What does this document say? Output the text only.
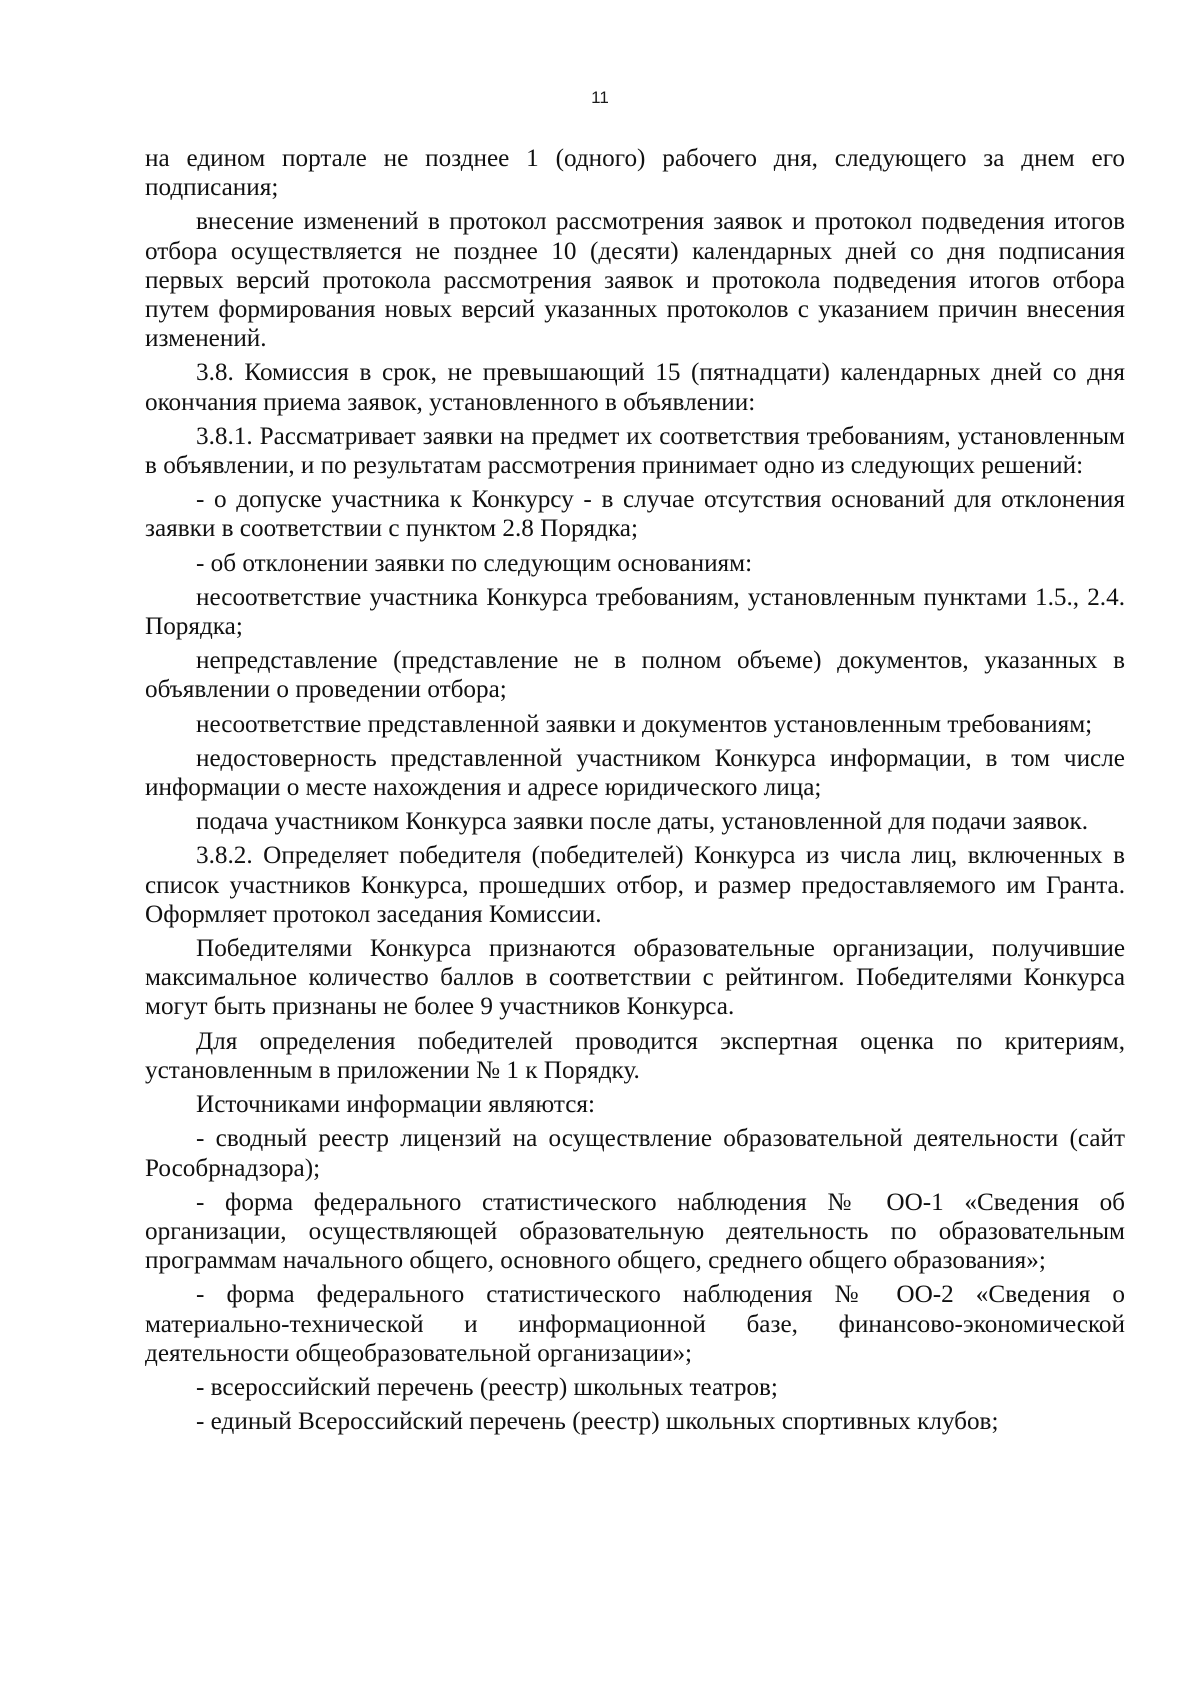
11

на едином портале не позднее 1 (одного) рабочего дня, следующего за днем его подписания;

внесение изменений в протокол рассмотрения заявок и протокол подведения итогов отбора осуществляется не позднее 10 (десяти) календарных дней со дня подписания первых версий протокола рассмотрения заявок и протокола подведения итогов отбора путем формирования новых версий указанных протоколов с указанием причин внесения изменений.

3.8. Комиссия в срок, не превышающий 15 (пятнадцати) календарных дней со дня окончания приема заявок, установленного в объявлении:

3.8.1. Рассматривает заявки на предмет их соответствия требованиям, установленным в объявлении, и по результатам рассмотрения принимает одно из следующих решений:

- о допуске участника к Конкурсу - в случае отсутствия оснований для отклонения заявки в соответствии с пунктом 2.8 Порядка;

- об отклонении заявки по следующим основаниям:

несоответствие участника Конкурса требованиям, установленным пунктами 1.5., 2.4. Порядка;

непредставление (представление не в полном объеме) документов, указанных в объявлении о проведении отбора;

несоответствие представленной заявки и документов установленным требованиям;

недостоверность представленной участником Конкурса информации, в том числе информации о месте нахождения и адресе юридического лица;

подача участником Конкурса заявки после даты, установленной для подачи заявок.

3.8.2. Определяет победителя (победителей) Конкурса из числа лиц, включенных в список участников Конкурса, прошедших отбор, и размер предоставляемого им Гранта. Оформляет протокол заседания Комиссии.

Победителями Конкурса признаются образовательные организации, получившие максимальное количество баллов в соответствии с рейтингом. Победителями Конкурса могут быть признаны не более 9 участников Конкурса.

Для определения победителей проводится экспертная оценка по критериям, установленным в приложении № 1 к Порядку.

Источниками информации являются:

- сводный реестр лицензий на осуществление образовательной деятельности (сайт Рособрнадзора);

- форма федерального статистического наблюдения № ОО-1 «Сведения об организации, осуществляющей образовательную деятельность по образовательным программам начального общего, основного общего, среднего общего образования»;

- форма федерального статистического наблюдения № ОО-2 «Сведения о материально-технической и информационной базе, финансово-экономической деятельности общеобразовательной организации»;

- всероссийский перечень (реестр) школьных театров;

- единый Всероссийский перечень (реестр) школьных спортивных клубов;
